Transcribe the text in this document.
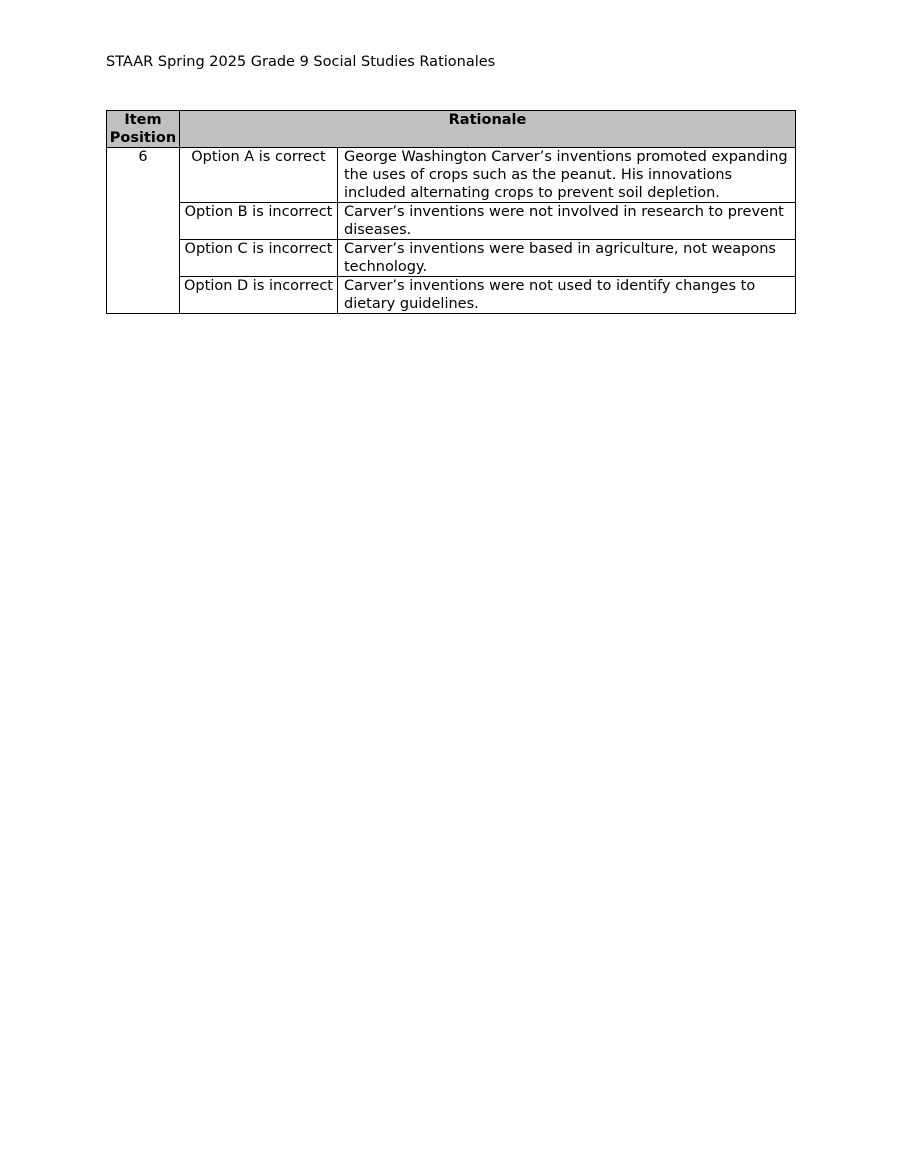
STAAR Spring 2025 Grade 9 Social Studies Rationales
Item Position	Rationale	
6	Option A is correct	George Washington Carver’s inventions promoted expanding the uses of crops such as the peanut. His innovations included alternating crops to prevent soil depletion.
	Option B is incorrect	Carver’s inventions were not involved in research to prevent diseases.
	Option C is incorrect	Carver’s inventions were based in agriculture, not weapons technology.
	Option D is incorrect	Carver’s inventions were not used to identify changes to dietary guidelines.
